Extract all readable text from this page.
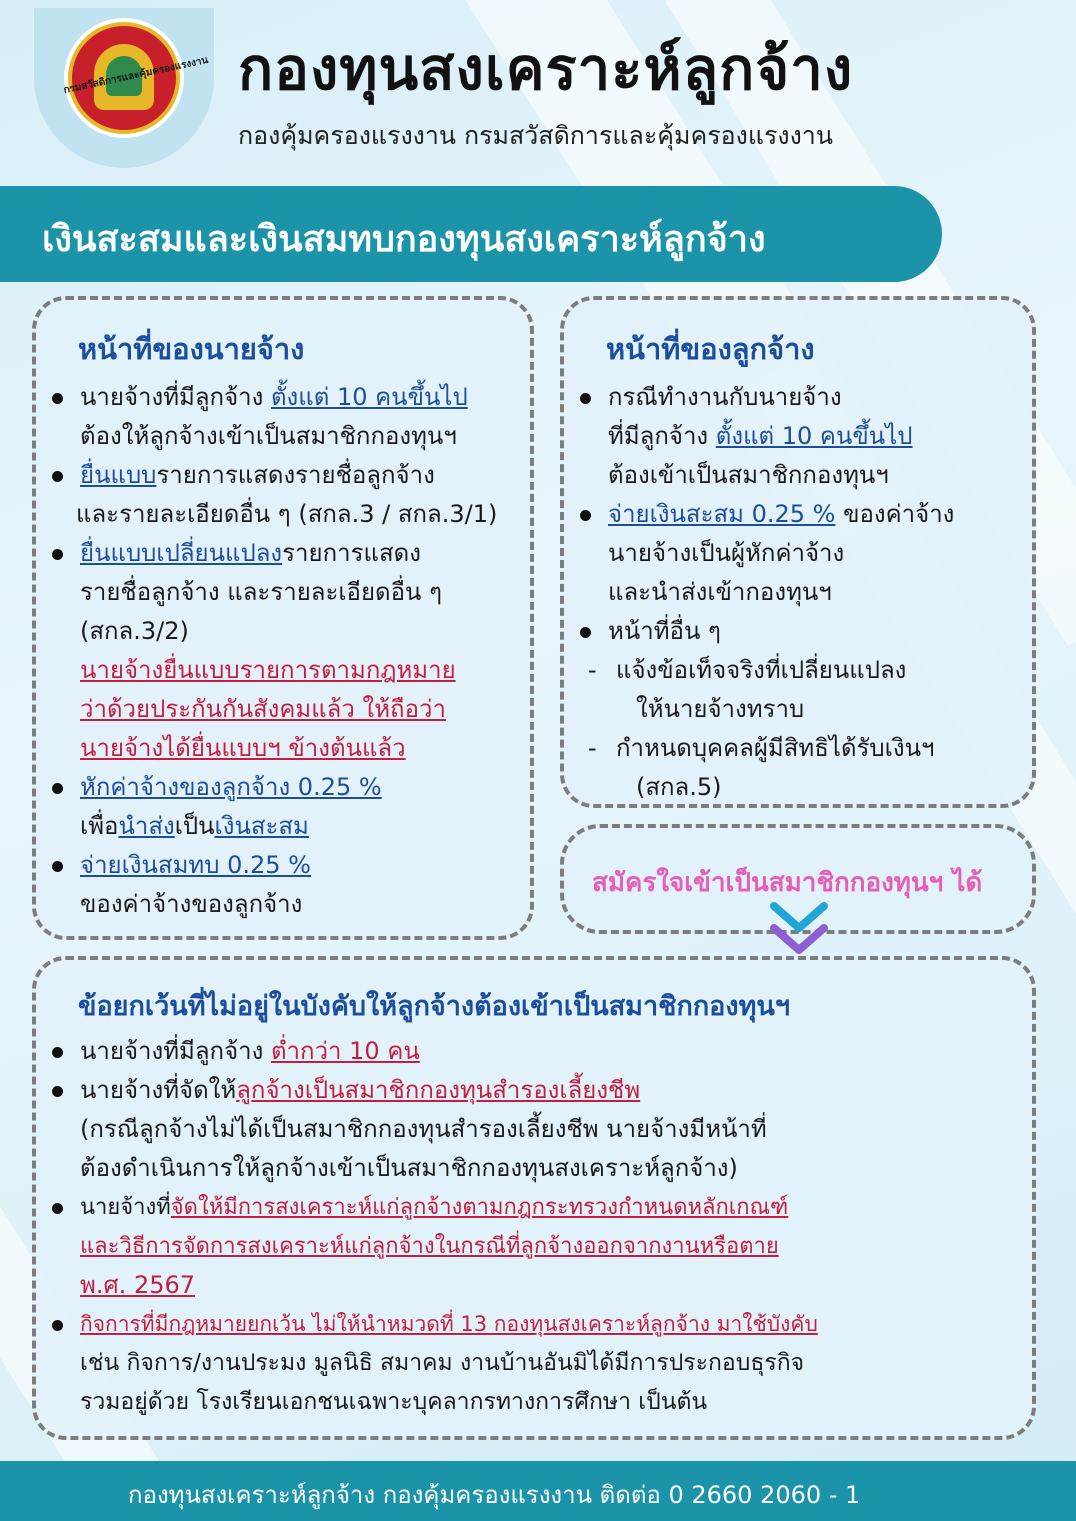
กรมสวัสดิการและคุ้มครองแรงงาน กองทุนสงเคราะห์ลูกจ้าง
กองคุ้มครองแรงงาน กรมสวัสดิการและคุ้มครองแรงงาน
เงินสะสมและเงินสมทบกองทุนสงเคราะห์ลูกจ้าง
หน้าที่ของนายจ้าง
นายจ้างที่มีลูกจ้าง ตั้งแต่ 10 คนขึ้นไป
ต้องให้ลูกจ้างเข้าเป็นสมาชิกกองทุนฯ
ยื่นแบบรายการแสดงรายชื่อลูกจ้าง
และรายละเอียดอื่น ๆ (สกล.3 / สกล.3/1)
ยื่นแบบเปลี่ยนแปลงรายการแสดง
รายชื่อลูกจ้าง และรายละเอียดอื่น ๆ
(สกล.3/2)
นายจ้างยื่นแบบรายการตามกฎหมาย
ว่าด้วยประกันกันสังคมแล้ว ให้ถือว่า
นายจ้างได้ยื่นแบบฯ ข้างต้นแล้ว
หักค่าจ้างของลูกจ้าง 0.25 %
เพื่อนำส่งเป็นเงินสะสม
จ่ายเงินสมทบ 0.25 %
ของค่าจ้างของลูกจ้าง
หน้าที่ของลูกจ้าง
กรณีทำงานกับนายจ้าง
ที่มีลูกจ้าง ตั้งแต่ 10 คนขึ้นไป
ต้องเข้าเป็นสมาชิกกองทุนฯ
จ่ายเงินสะสม 0.25 % ของค่าจ้าง
นายจ้างเป็นผู้หักค่าจ้าง
และนำส่งเข้ากองทุนฯ
หน้าที่อื่น ๆ
- แจ้งข้อเท็จจริงที่เปลี่ยนแปลง
ให้นายจ้างทราบ
- กำหนดบุคคลผู้มีสิทธิได้รับเงินฯ
(สกล.5)
สมัครใจเข้าเป็นสมาชิกกองทุนฯ ได้
ข้อยกเว้นที่ไม่อยู่ในบังคับให้ลูกจ้างต้องเข้าเป็นสมาชิกกองทุนฯ
นายจ้างที่มีลูกจ้าง ต่ำกว่า 10 คน
นายจ้างที่จัดให้ลูกจ้างเป็นสมาชิกกองทุนสำรองเลี้ยงชีพ
(กรณีลูกจ้างไม่ได้เป็นสมาชิกกองทุนสำรองเลี้ยงชีพ นายจ้างมีหน้าที่
ต้องดำเนินการให้ลูกจ้างเข้าเป็นสมาชิกกองทุนสงเคราะห์ลูกจ้าง)
นายจ้างที่จัดให้มีการสงเคราะห์แก่ลูกจ้างตามกฎกระทรวงกำหนดหลักเกณฑ์
และวิธีการจัดการสงเคราะห์แก่ลูกจ้างในกรณีที่ลูกจ้างออกจากงานหรือตาย
พ.ศ. 2567
กิจการที่มีกฎหมายยกเว้น ไม่ให้นำหมวดที่ 13 กองทุนสงเคราะห์ลูกจ้าง มาใช้บังคับ
เช่น กิจการ/งานประมง มูลนิธิ สมาคม งานบ้านอันมิได้มีการประกอบธุรกิจ
รวมอยู่ด้วย โรงเรียนเอกชนเฉพาะบุคลากรทางการศึกษา เป็นต้น
กองทุนสงเคราะห์ลูกจ้าง กองคุ้มครองแรงงาน ติดต่อ 0 2660 2060 - 1
